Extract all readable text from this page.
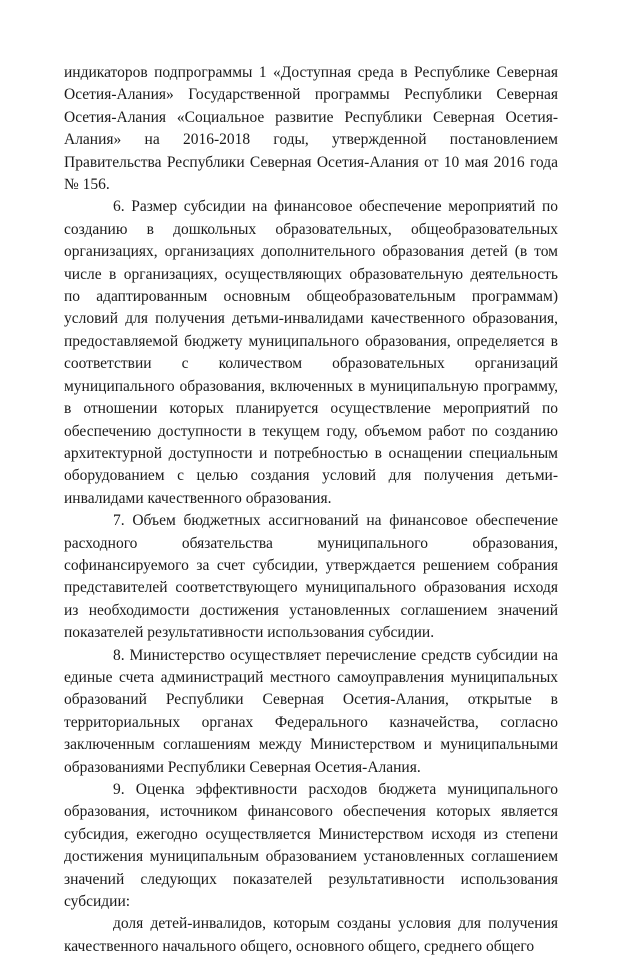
индикаторов подпрограммы 1 «Доступная среда в Республике Северная Осетия-Алания» Государственной программы Республики Северная Осетия-Алания «Социальное развитие Республики Северная Осетия-Алания» на 2016-2018 годы, утвержденной постановлением Правительства Республики Северная Осетия-Алания от 10 мая 2016 года № 156.

6. Размер субсидии на финансовое обеспечение мероприятий по созданию в дошкольных образовательных, общеобразовательных организациях, организациях дополнительного образования детей (в том числе в организациях, осуществляющих образовательную деятельность по адаптированным основным общеобразовательным программам) условий для получения детьми-инвалидами качественного образования, предоставляемой бюджету муниципального образования, определяется в соответствии с количеством образовательных организаций муниципального образования, включенных в муниципальную программу, в отношении которых планируется осуществление мероприятий по обеспечению доступности в текущем году, объемом работ по созданию архитектурной доступности и потребностью в оснащении специальным оборудованием с целью создания условий для получения детьми-инвалидами качественного образования.

7. Объем бюджетных ассигнований на финансовое обеспечение расходного обязательства муниципального образования, софинансируемого за счет субсидии, утверждается решением собрания представителей соответствующего муниципального образования исходя из необходимости достижения установленных соглашением значений показателей результативности использования субсидии.

8. Министерство осуществляет перечисление средств субсидии на единые счета администраций местного самоуправления муниципальных образований Республики Северная Осетия-Алания, открытые в территориальных органах Федерального казначейства, согласно заключенным соглашениям между Министерством и муниципальными образованиями Республики Северная Осетия-Алания.

9. Оценка эффективности расходов бюджета муниципального образования, источником финансового обеспечения которых является субсидия, ежегодно осуществляется Министерством исходя из степени достижения муниципальным образованием установленных соглашением значений следующих показателей результативности использования субсидии:

доля детей-инвалидов, которым созданы условия для получения качественного начального общего, основного общего, среднего общего
